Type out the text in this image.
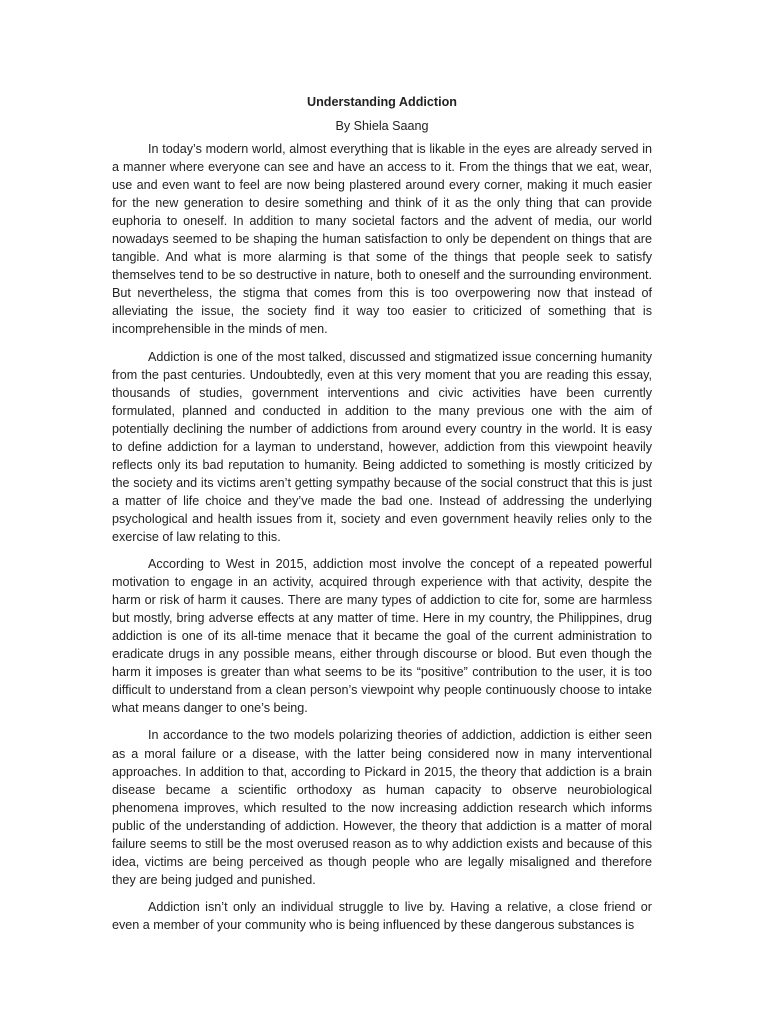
Understanding Addiction
By Shiela Saang

In today’s modern world, almost everything that is likable in the eyes are already served in a manner where everyone can see and have an access to it. From the things that we eat, wear, use and even want to feel are now being plastered around every corner, making it much easier for the new generation to desire something and think of it as the only thing that can provide euphoria to oneself. In addition to many societal factors and the advent of media, our world nowadays seemed to be shaping the human satisfaction to only be dependent on things that are tangible. And what is more alarming is that some of the things that people seek to satisfy themselves tend to be so destructive in nature, both to oneself and the surrounding environment. But nevertheless, the stigma that comes from this is too overpowering now that instead of alleviating the issue, the society find it way too easier to criticized of something that is incomprehensible in the minds of men.

Addiction is one of the most talked, discussed and stigmatized issue concerning humanity from the past centuries. Undoubtedly, even at this very moment that you are reading this essay, thousands of studies, government interventions and civic activities have been currently formulated, planned and conducted in addition to the many previous one with the aim of potentially declining the number of addictions from around every country in the world. It is easy to define addiction for a layman to understand, however, addiction from this viewpoint heavily reflects only its bad reputation to humanity. Being addicted to something is mostly criticized by the society and its victims aren’t getting sympathy because of the social construct that this is just a matter of life choice and they’ve made the bad one. Instead of addressing the underlying psychological and health issues from it, society and even government heavily relies only to the exercise of law relating to this.

According to West in 2015, addiction most involve the concept of a repeated powerful motivation to engage in an activity, acquired through experience with that activity, despite the harm or risk of harm it causes. There are many types of addiction to cite for, some are harmless but mostly, bring adverse effects at any matter of time. Here in my country, the Philippines, drug addiction is one of its all-time menace that it became the goal of the current administration to eradicate drugs in any possible means, either through discourse or blood. But even though the harm it imposes is greater than what seems to be its “positive” contribution to the user, it is too difficult to understand from a clean person’s viewpoint why people continuously choose to intake what means danger to one’s being.

In accordance to the two models polarizing theories of addiction, addiction is either seen as a moral failure or a disease, with the latter being considered now in many interventional approaches. In addition to that, according to Pickard in 2015, the theory that addiction is a brain disease became a scientific orthodoxy as human capacity to observe neurobiological phenomena improves, which resulted to the now increasing addiction research which informs public of the understanding of addiction. However, the theory that addiction is a matter of moral failure seems to still be the most overused reason as to why addiction exists and because of this idea, victims are being perceived as though people who are legally misaligned and therefore they are being judged and punished.

Addiction isn’t only an individual struggle to live by. Having a relative, a close friend or even a member of your community who is being influenced by these dangerous substances is
